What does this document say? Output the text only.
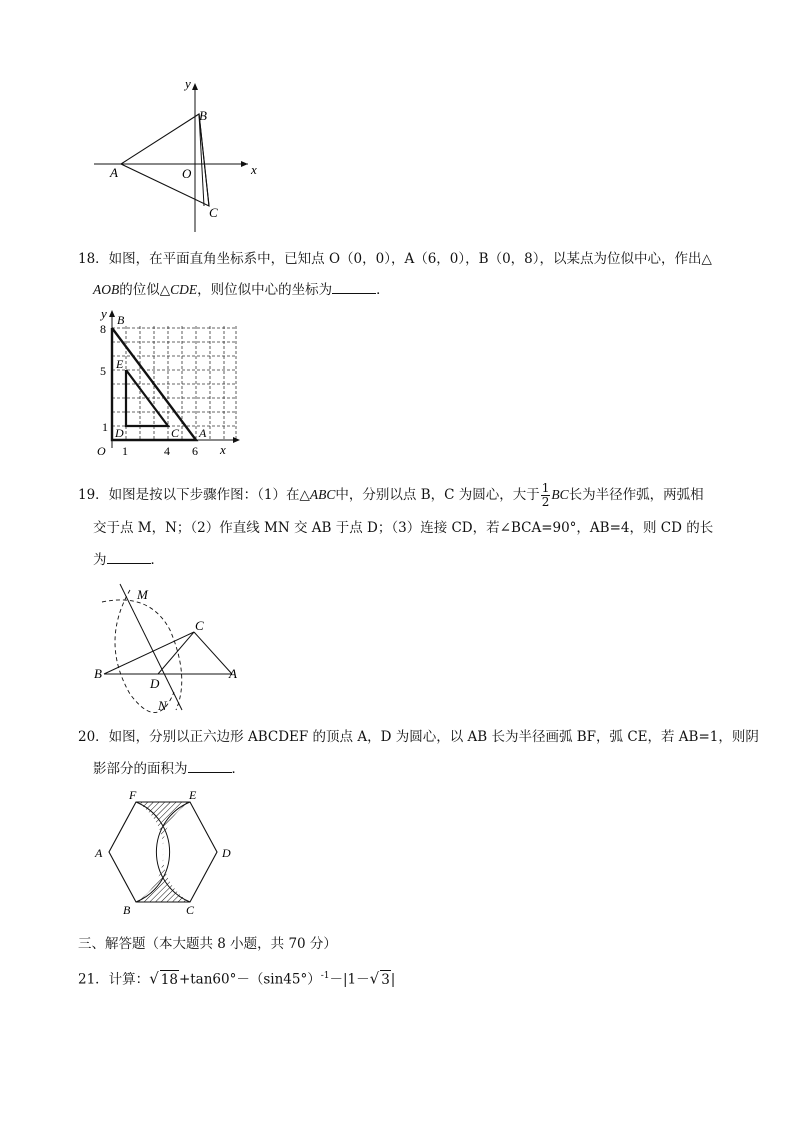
y
x
A
B
O
C
18．如图，在平面直角坐标系中，已知点 O（0，0），A（6，0），B（0，8），以某点为位似中心，作出△
AOB的位似△CDE，则位似中心的坐标为	．
y B
E
D	C A
O	x
8
5
1
1	4 6
19．如图是按以下步骤作图：（1）在△ABC中，分别以点 B，C 为圆心，大于 $\frac{1}{2}$ BC长为半径作弧，两弧相
交于点 M，N；（2）作直线 MN 交 AB 于点 D；（3）连接 CD，若∠BCA=90°，AB=4，则 CD 的长
为	．
M
C
B
D
A
N
20．如图，分别以正六边形 ABCDEF 的顶点 A，D 为圆心，以 AB 长为半径画弧 BF，弧 CE，若 AB=1，则阴
影部分的面积为	．
F	E
A	D
B	C
三、解答题（本大题共 8 小题，共 70 分）
21．计算：√ $18+\tan 60^\circ-(\sin 45^\circ)^{-1}-|1-√$ 3|
